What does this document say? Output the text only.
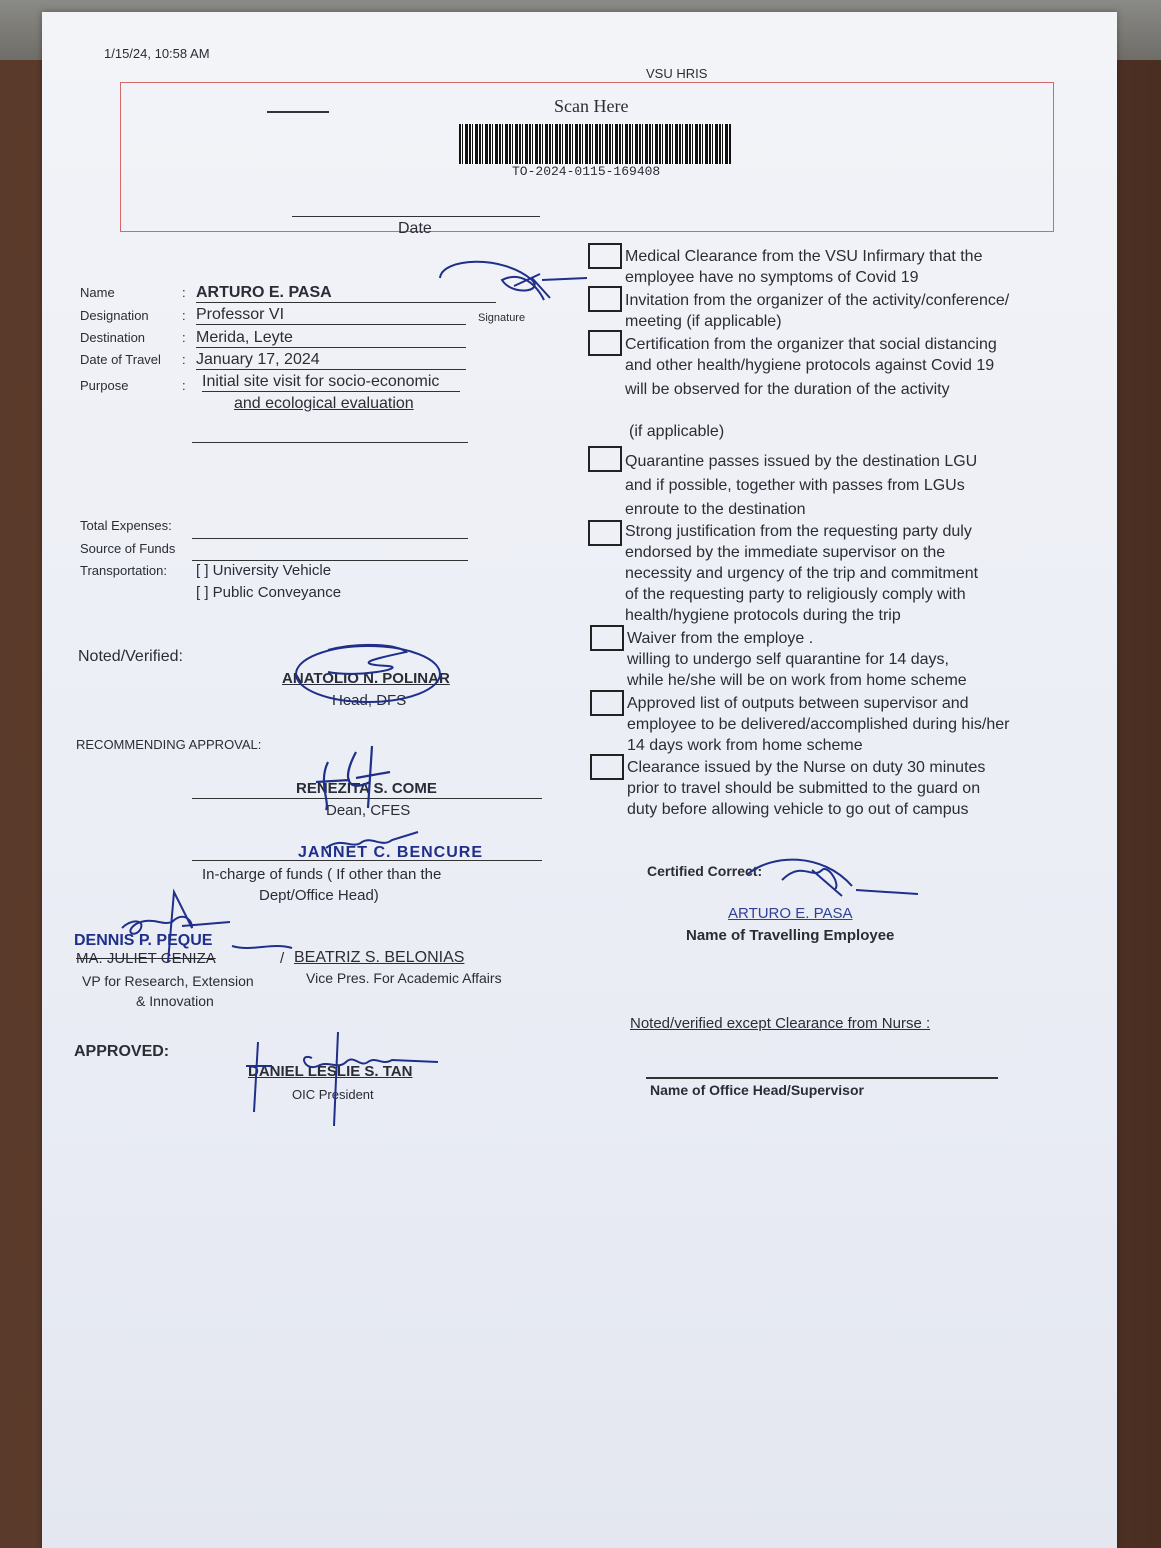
1/15/24, 10:58 AM
VSU HRIS
Scan Here
TO-2024-0115-169408
Date
Name	: ARTURO E. PASA
Signature
Designation	: Professor VI
Destination	: Merida, Leyte
Date of Travel : January 17, 2024
Purpose	: Initial site visit for socio-economic
and ecological evaluation
Total Expenses:
Source of Funds
Transportation: [ ] University Vehicle
[ ] Public Conveyance
Noted/Verified:
ANATOLIO N. POLINAR
Head, DFS
RECOMMENDING APPROVAL:
RENEZITA S. COME
Dean, CFES
JANNET C. BENCURE
In-charge of funds ( If other than the
Dept/Office Head)
DENNIS P. PEQUE
MA. JULIET CENIZA	/ BEATRIZ S. BELONIAS
VP for Research, Extension
& Innovation
Vice Pres. For Academic Affairs
APPROVED:
DANIEL LESLIE S. TAN
OIC President
Medical Clearance from the VSU Infirmary that the
employee have no symptoms of Covid 19
Invitation from the organizer of the activity/conference/
meeting (if applicable)
Certification from the organizer that social distancing
and other health/hygiene protocols against Covid 19
will be observed for the duration of the activity
(if applicable)
Quarantine passes issued by the destination LGU
and if possible, together with passes from LGUs
enroute to the destination
Strong justification from the requesting party duly
endorsed by the immediate supervisor on the
necessity and urgency of the trip and commitment
of the requesting party to religiously comply with
health/hygiene protocols during the trip
Waiver from the employe .
willing to undergo self quarantine for 14 days,
while he/she will be on work from home scheme
Approved list of outputs between supervisor and
employee to be delivered/accomplished during his/her
14 days work from home scheme
Clearance issued by the Nurse on duty 30 minutes
prior to travel should be submitted to the guard on
duty before allowing vehicle to go out of campus
Certified Correct:
ARTURO E. PASA
Name of Travelling Employee
Noted/verified except Clearance from Nurse :
Name of Office Head/Supervisor
